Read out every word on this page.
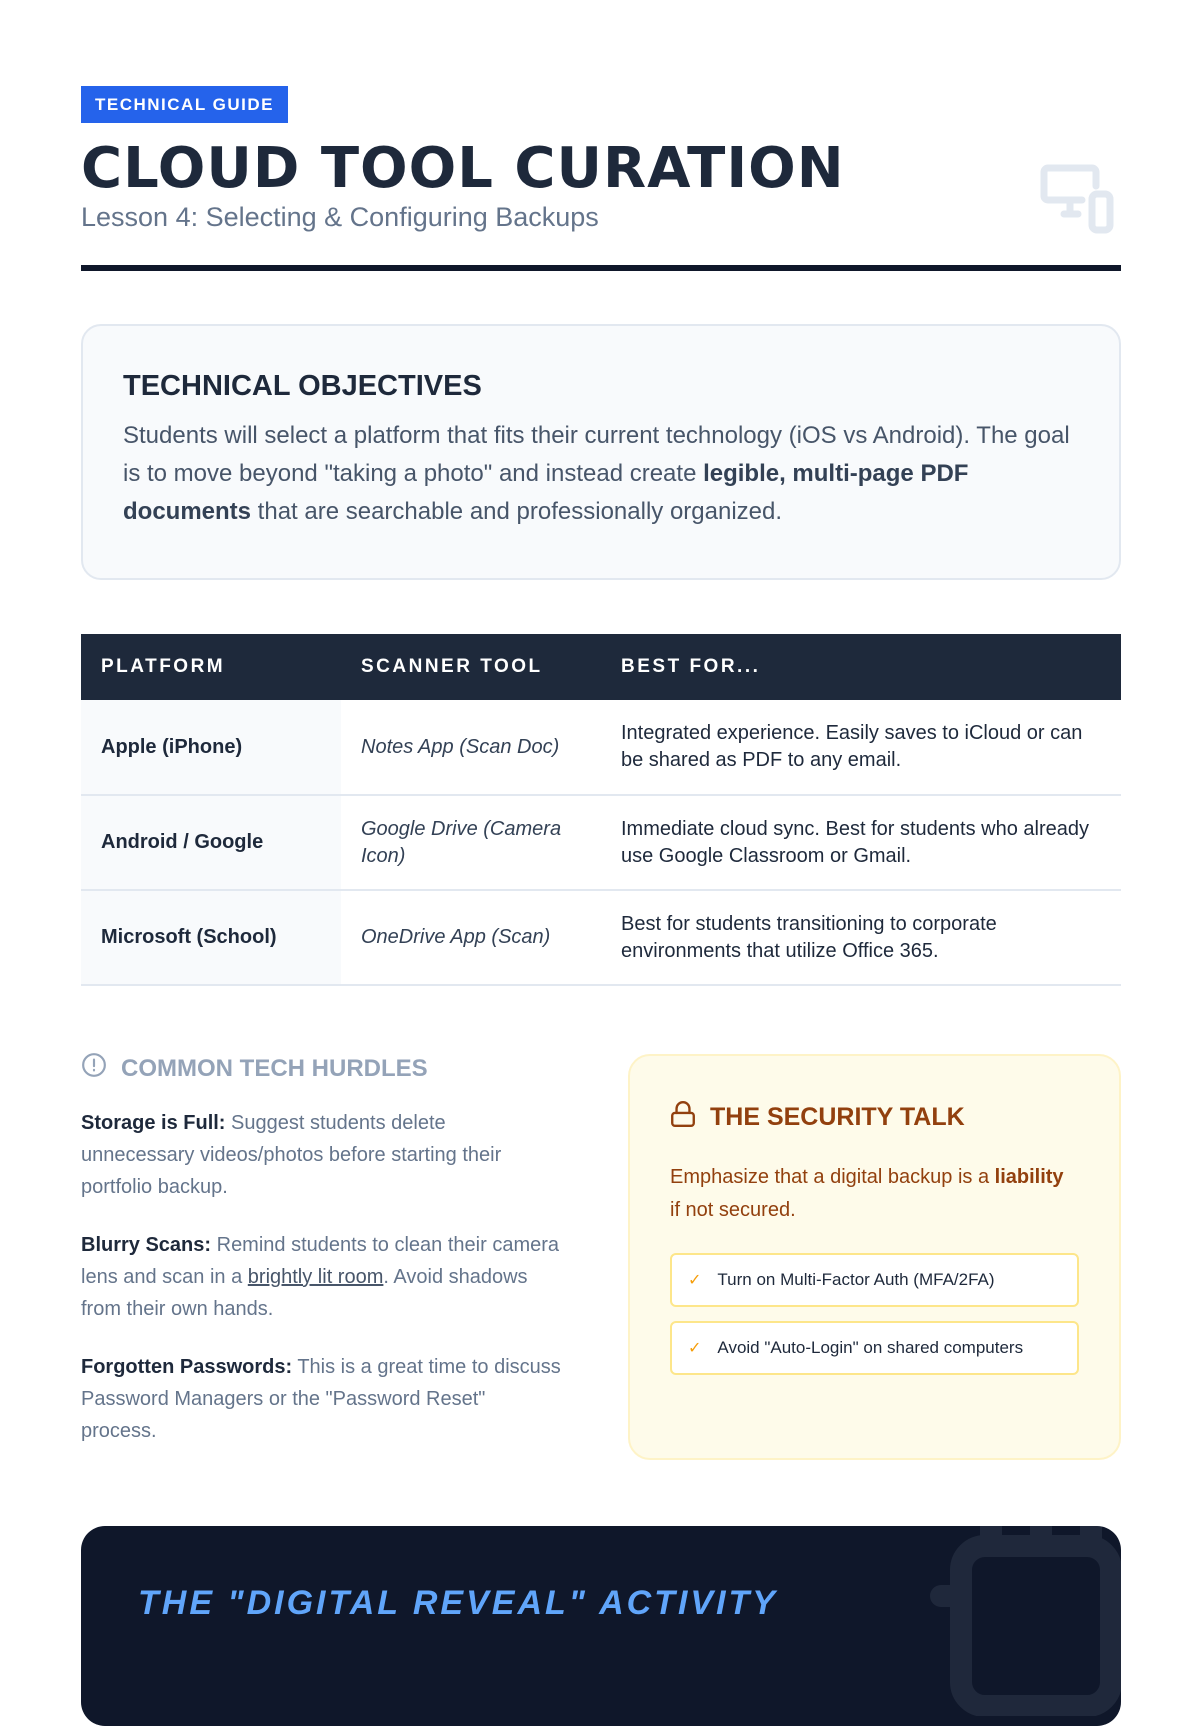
TECHNICAL GUIDE
CLOUD TOOL CURATION
Lesson 4: Selecting & Configuring Backups
TECHNICAL OBJECTIVES

Students will select a platform that fits their current technology (iOS vs Android). The goal is to move beyond "taking a photo" and instead create legible, multi-page PDF documents that are searchable and professionally organized.

PLATFORM	SCANNER TOOL	BEST FOR...
Apple (iPhone)	Notes App (Scan Doc)	Integrated experience. Easily saves to iCloud or can be shared as PDF to any email.
Android / Google	Google Drive (Camera Icon)	Immediate cloud sync. Best for students who already use Google Classroom or Gmail.
Microsoft (School)	OneDrive App (Scan)	Best for students transitioning to corporate environments that utilize Office 365.
COMMON TECH HURDLES

Storage is Full: Suggest students delete unnecessary videos/photos before starting their portfolio backup.

Blurry Scans: Remind students to clean their camera lens and scan in a brightly lit room. Avoid shadows from their own hands.

Forgotten Passwords: This is a great time to discuss Password Managers or the "Password Reset" process.

THE SECURITY TALK

Emphasize that a digital backup is a liability if not secured.

✓ Turn on Multi-Factor Auth (MFA/2FA)
✓ Avoid "Auto-Login" on shared computers
THE "DIGITAL REVEAL" ACTIVITY
